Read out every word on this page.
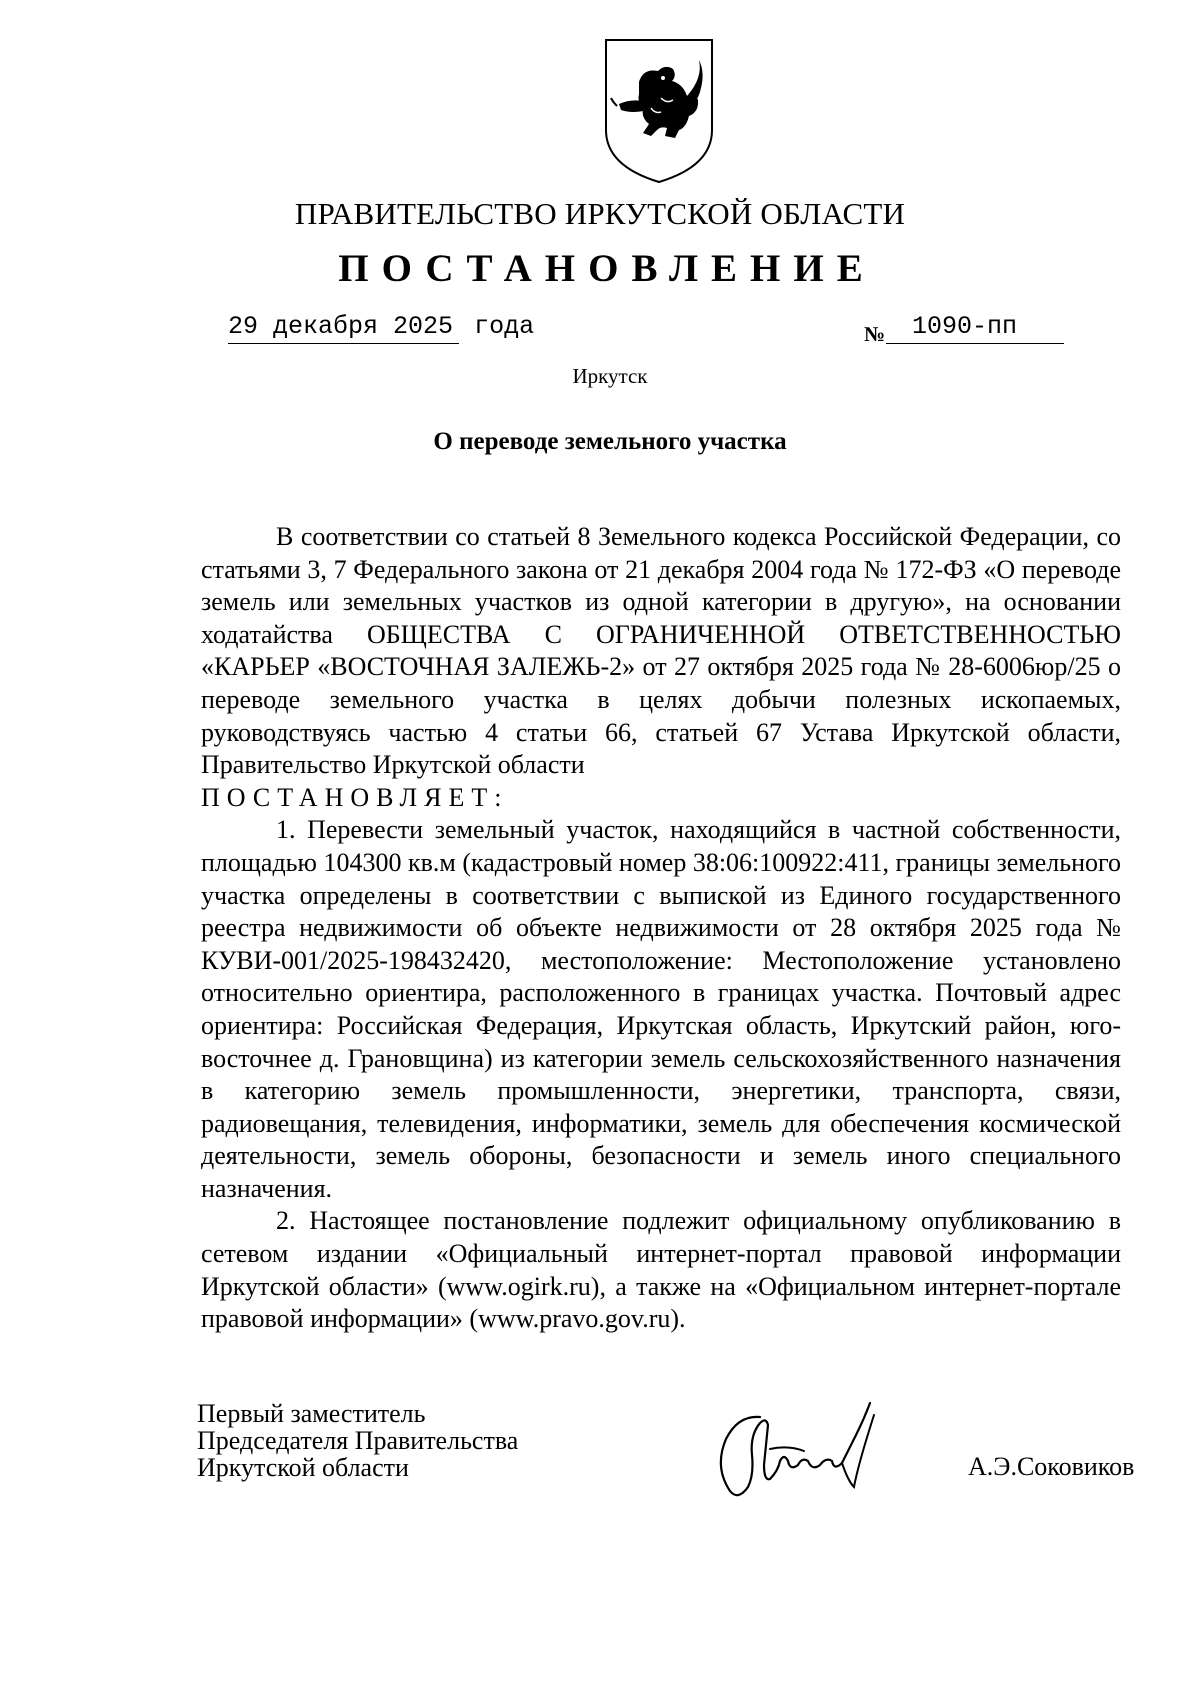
ПРАВИТЕЛЬСТВО ИРКУТСКОЙ ОБЛАСТИ
ПОСТАНОВЛЕНИЕ
29 декабря 2025 года	№	1090-пп
Иркутск
О переводе земельного участка

В соответствии со статьей 8 Земельного кодекса Российской Федерации, со статьями 3, 7 Федерального закона от 21 декабря 2004 года № 172-ФЗ «О переводе земель или земельных участков из одной категории в другую», на основании ходатайства ОБЩЕСТВА С ОГРАНИЧЕННОЙ ОТВЕТСТВЕННОСТЬЮ «КАРЬЕР «ВОСТОЧНАЯ ЗАЛЕЖЬ-2» от 27 октября 2025 года № 28-6006юр/25 о переводе земельного участка в целях добычи полезных ископаемых, руководствуясь частью 4 статьи 66, статьей 67 Устава Иркутской области, Правительство Иркутской области

ПОСТАНОВЛЯЕТ:

1. Перевести земельный участок, находящийся в частной собственности, площадью 104300 кв.м (кадастровый номер 38:06:100922:411, границы земельного участка определены в соответствии с выпиской из Единого государственного реестра недвижимости об объекте недвижимости от 28 октября 2025 года № КУВИ-001/2025-198432420, местоположение: Местоположение установлено относительно ориентира, расположенного в границах участка. Почтовый адрес ориентира: Российская Федерация, Иркутская область, Иркутский район, юго-восточнее д. Грановщина) из категории земель сельскохозяйственного назначения в категорию земель промышленности, энергетики, транспорта, связи, радиовещания, телевидения, информатики, земель для обеспечения космической деятельности, земель обороны, безопасности и земель иного специального назначения.

2. Настоящее постановление подлежит официальному опубликованию в сетевом издании «Официальный интернет-портал правовой информации Иркутской области» (www.ogirk.ru), а также на «Официальном интернет-портале правовой информации» (www.pravo.gov.ru).

Первый заместитель
Председателя Правительства
Иркутской области	А.Э.Соковиков
